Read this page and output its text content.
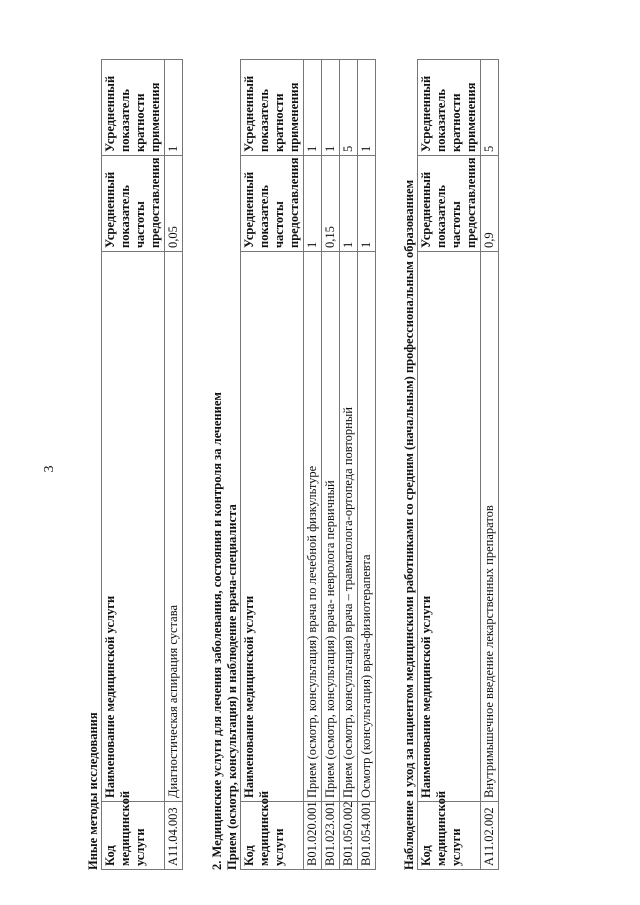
3
Иные методы исследования Код медицинской услуги	Наименование медицинской услуги	Усредненный показатель частоты предоставления	Усредненный показатель кратности применения
A11.04.003	Диагностическая аспирация сустава	0,05	1
2. Медицинские услуги для лечения заболевания, состояния и контроля за лечением Прием (осмотр, консультация) и наблюдение врача-специалиста Код медицинской услуги	Наименование медицинской услуги	Усредненный показатель частоты предоставления	Усредненный показатель кратности применения
B01.020.001	Прием (осмотр, консультация) врача по лечебной физкультуре	1	1
B01.023.001	Прием (осмотр, консультация) врача- невролога первичный	0,15	1
B01.050.002	Прием (осмотр, консультация) врача – травматолога-ортопеда повторный	1	5
B01.054.001	Осмотр (консультация) врача-физиотерапевта	1	1
Наблюдение и уход за пациентом медицинскими работниками со средним (начальным) профессиональным образованием Код медицинской услуги	Наименование медицинской услуги	Усредненный показатель частоты предоставления	Усредненный показатель кратности применения
A11.02.002	Внутримышечное введение лекарственных препаратов	0,9	5
